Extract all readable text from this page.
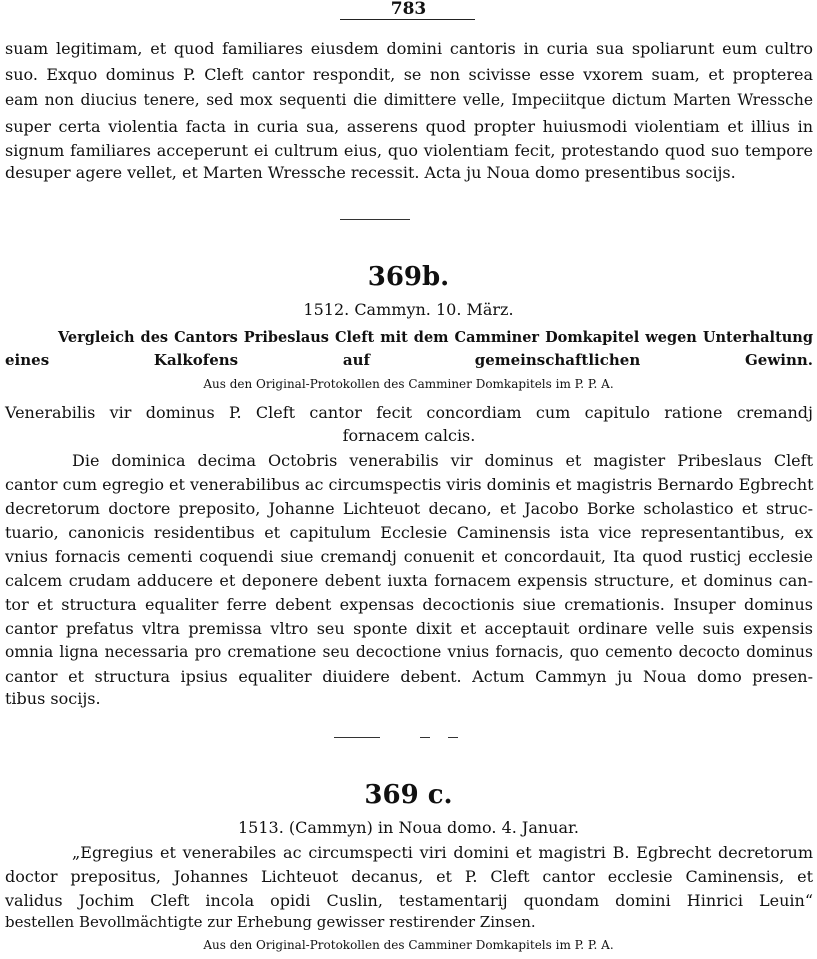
783
suam legitimam, et quod familiares eiusdem domini cantoris in curia sua spoliarunt eum cultro
suo. Exquo dominus P. Cleft cantor respondit, se non scivisse esse vxorem suam, et propterea
eam non diucius tenere, sed mox sequenti die dimittere velle, Impeciitque dictum Marten Wressche
super certa violentia facta in curia sua, asserens quod propter huiusmodi violentiam et illius in
signum familiares acceperunt ei cultrum eius, quo violentiam fecit, protestando quod suo tempore
desuper agere vellet, et Marten Wressche recessit. Acta ju Noua domo presentibus socijs.
369b.
1512. Cammyn. 10. März.
Vergleich des Cantors Pribeslaus Cleft mit dem Camminer Domkapitel wegen Unterhaltung
eines Kalkofens auf gemeinschaftlichen Gewinn.
Aus den Original-Protokollen des Camminer Domkapitels im P. P. A.
Venerabilis vir dominus P. Cleft cantor fecit concordiam cum capitulo ratione cremandj
fornacem calcis.
Die dominica decima Octobris venerabilis vir dominus et magister Pribeslaus Cleft
cantor cum egregio et venerabilibus ac circumspectis viris dominis et magistris Bernardo Egbrecht
decretorum doctore preposito, Johanne Lichteuot decano, et Jacobo Borke scholastico et struc-
tuario, canonicis residentibus et capitulum Ecclesie Caminensis ista vice representantibus, ex
vnius fornacis cementi coquendi siue cremandj conuenit et concordauit, Ita quod rusticj ecclesie
calcem crudam adducere et deponere debent iuxta fornacem expensis structure, et dominus can-
tor et structura equaliter ferre debent expensas decoctionis siue cremationis. Insuper dominus
cantor prefatus vltra premissa vltro seu sponte dixit et acceptauit ordinare velle suis expensis
omnia ligna necessaria pro crematione seu decoctione vnius fornacis, quo cemento decocto dominus
cantor et structura ipsius equaliter diuidere debent. Actum Cammyn ju Noua domo presen-
tibus socijs.
369 c.
1513. (Cammyn) in Noua domo. 4. Januar.
„Egregius et venerabiles ac circumspecti viri domini et magistri B. Egbrecht decretorum
doctor prepositus, Johannes Lichteuot decanus, et P. Cleft cantor ecclesie Caminensis, et
validus Jochim Cleft incola opidi Cuslin, testamentarij quondam domini Hinrici Leuin“
bestellen Bevollmächtigte zur Erhebung gewisser restirender Zinsen.
Aus den Original-Protokollen des Camminer Domkapitels im P. P. A.
